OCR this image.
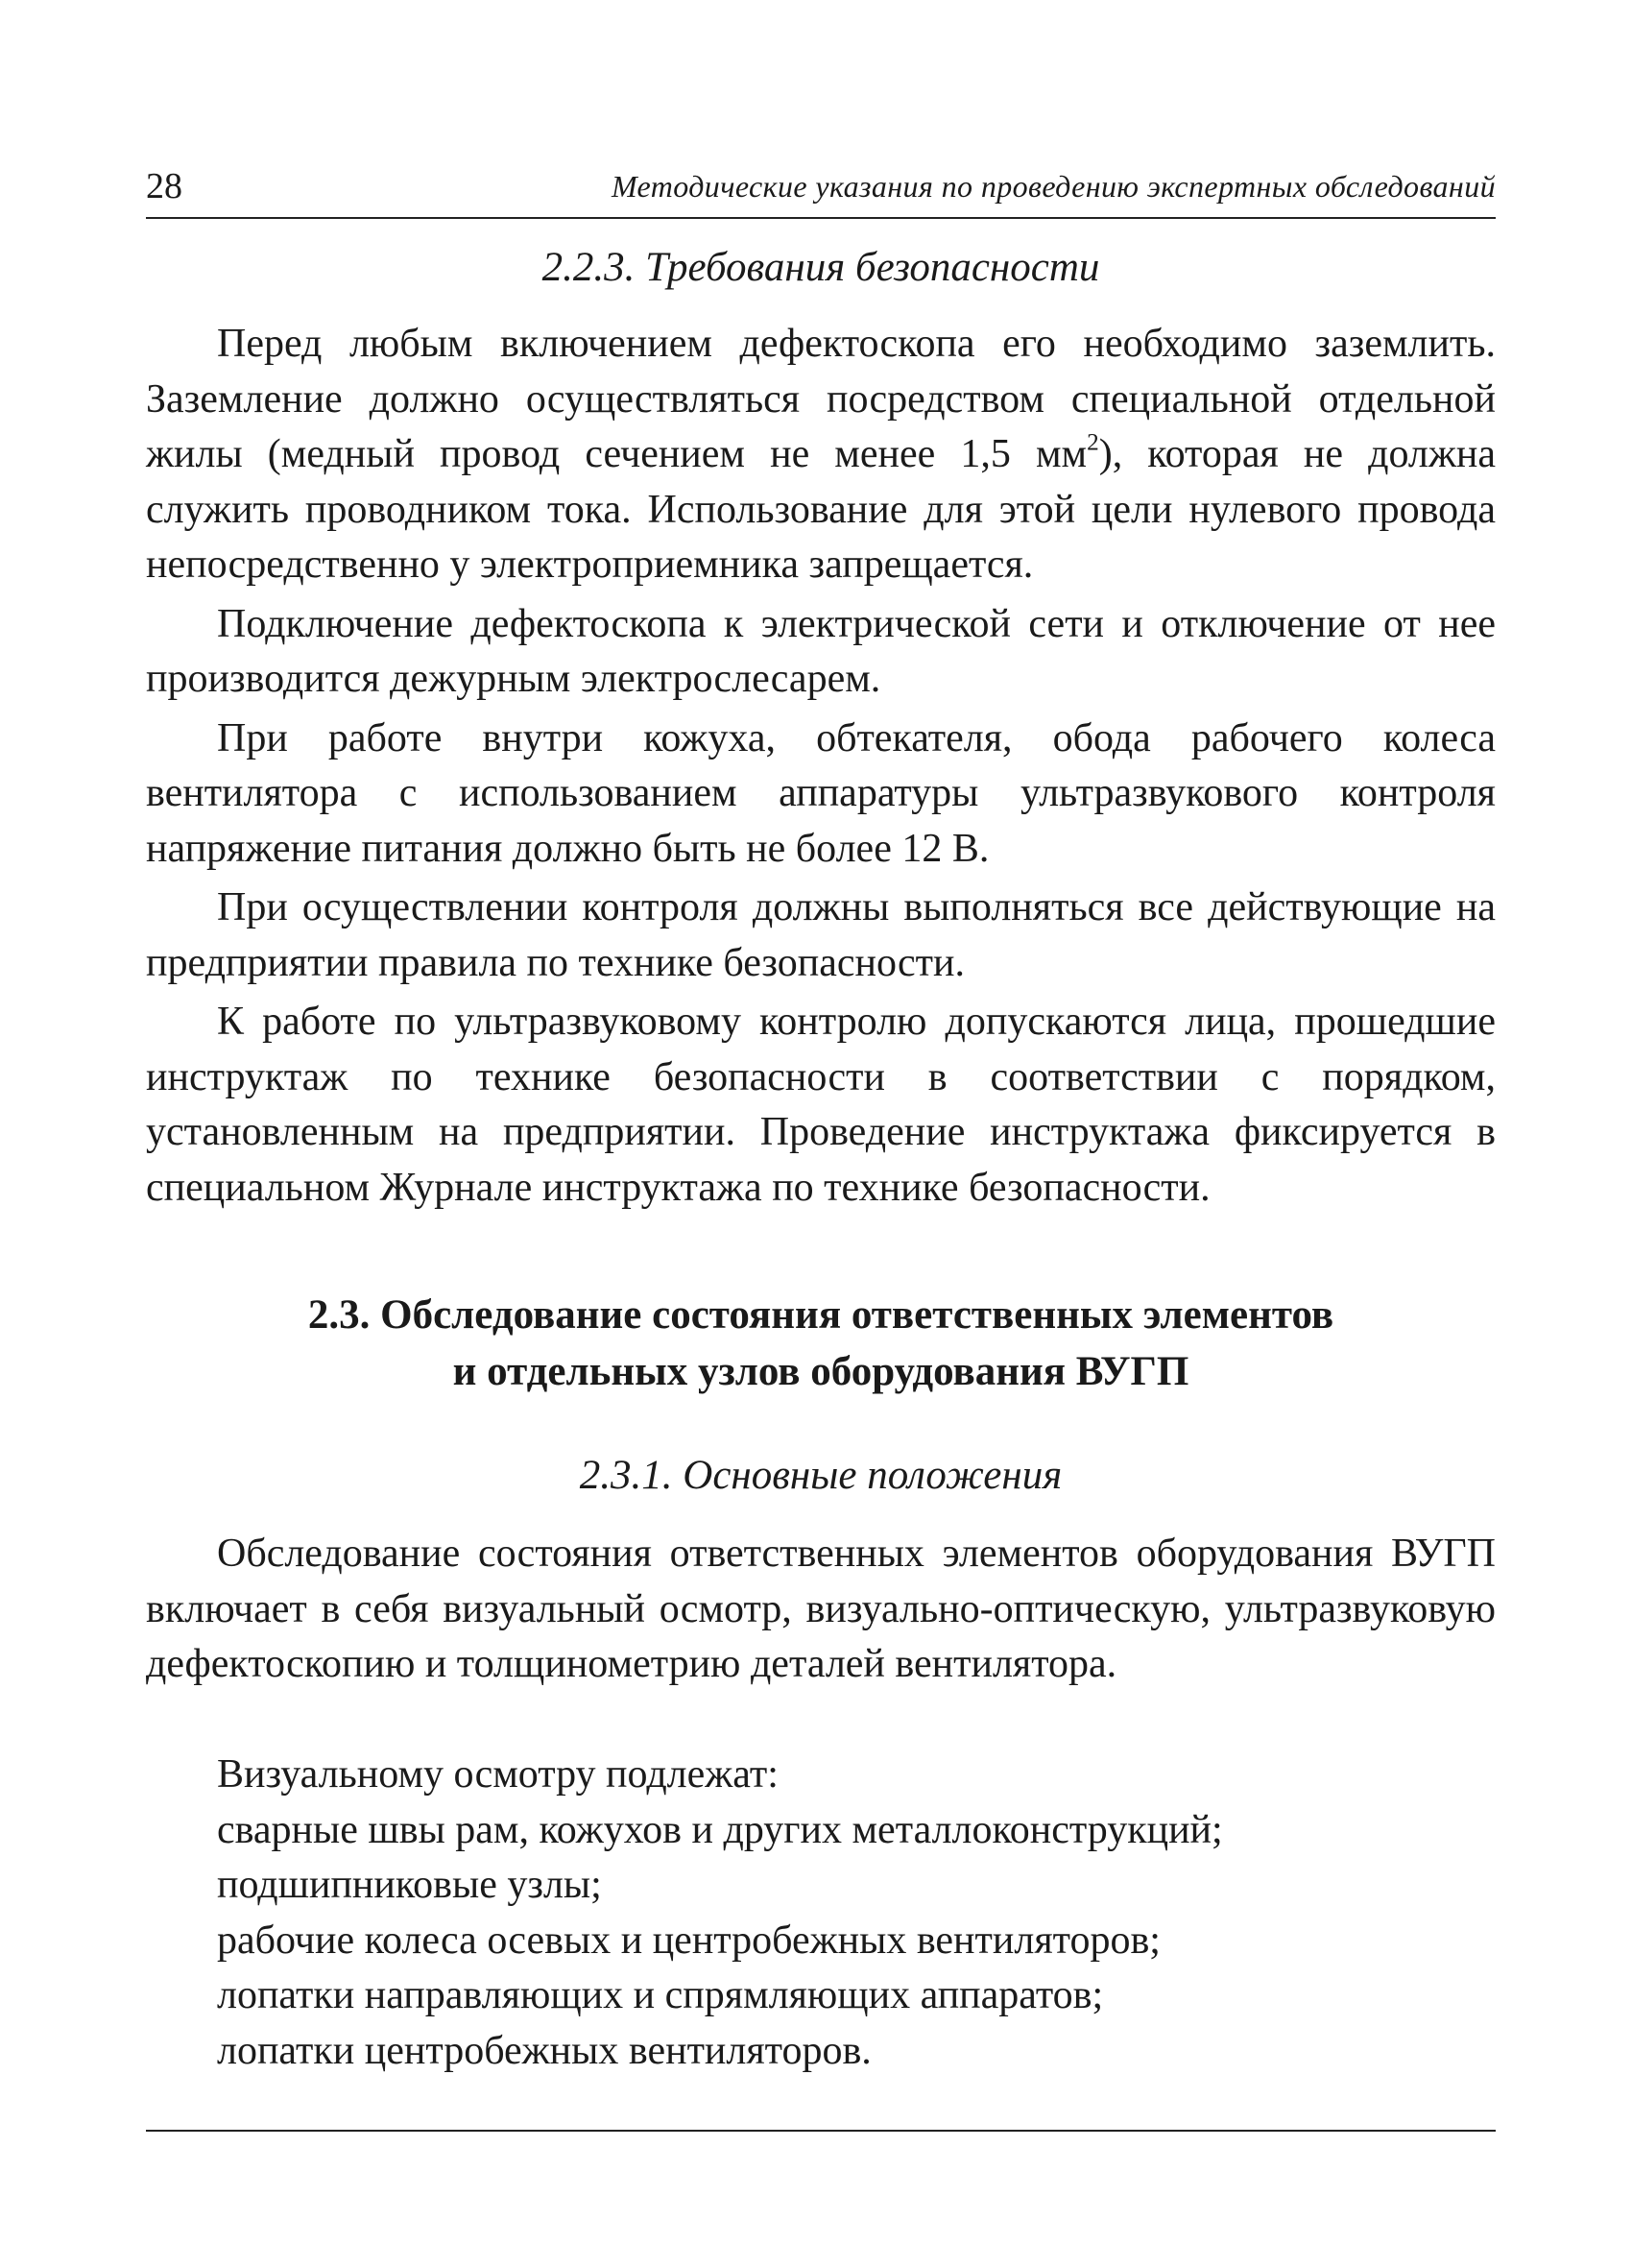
28	Методические указания по проведению экспертных обследований
2.2.3. Требования безопасности

Перед любым включением дефектоскопа его необходимо заземлить. Заземление должно осуществляться посредством специальной отдельной жилы (медный провод сечением не менее 1,5 $мм^2$), которая не должна служить проводником тока. Использование для этой цели нулевого провода непосредственно у электроприемника запрещается.

Подключение дефектоскопа к электрической сети и отключение от нее производится дежурным электрослесарем.

При работе внутри кожуха, обтекателя, обода рабочего колеса вентилятора с использованием аппаратуры ультразвукового контроля напряжение питания должно быть не более 12 В.

При осуществлении контроля должны выполняться все действующие на предприятии правила по технике безопасности.

К работе по ультразвуковому контролю допускаются лица, прошедшие инструктаж по технике безопасности в соответствии с порядком, установленным на предприятии. Проведение инструктажа фиксируется в специальном Журнале инструктажа по технике безопасности.

2.3. Обследование состояния ответственных элементов
и отдельных узлов оборудования ВУГП
2.3.1. Основные положения

Обследование состояния ответственных элементов оборудования ВУГП включает в себя визуальный осмотр, визуально-оптическую, ультразвуковую дефектоскопию и толщинометрию деталей вентилятора.

Визуальному осмотру подлежат:
сварные швы рам, кожухов и других металлоконструкций;
подшипниковые узлы;
рабочие колеса осевых и центробежных вентиляторов;
лопатки направляющих и спрямляющих аппаратов;
лопатки центробежных вентиляторов.
